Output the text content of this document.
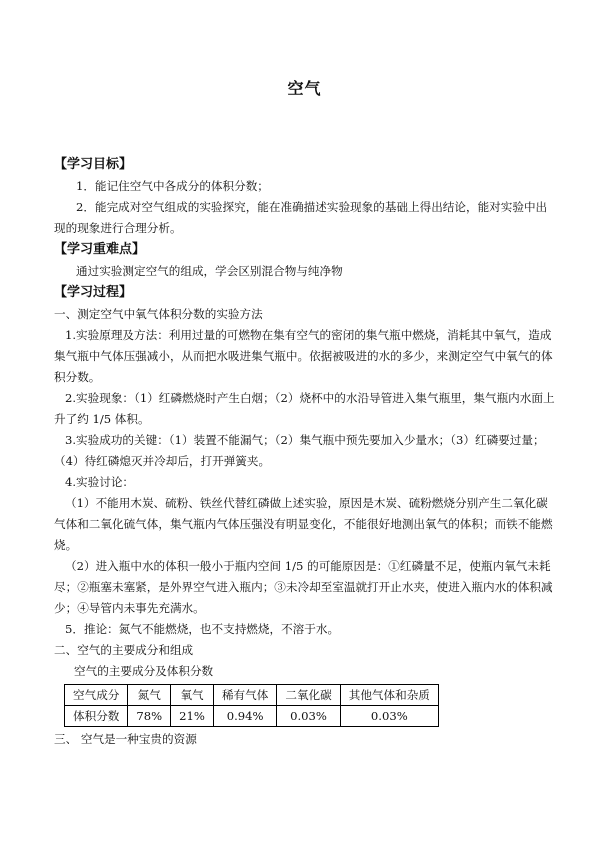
空气
【学习目标】

1．能记住空气中各成分的体积分数；

2．能完成对空气组成的实验探究，能在准确描述实验现象的基础上得出结论，能对实验中出现的现象进行合理分析。

【学习重难点】

通过实验测定空气的组成，学会区别混合物与纯净物

【学习过程】

一、测定空气中氧气体积分数的实验方法

1.实验原理及方法：利用过量的可燃物在集有空气的密闭的集气瓶中燃烧，消耗其中氧气，造成集气瓶中气体压强减小，从而把水吸进集气瓶中。依据被吸进的水的多少，来测定空气中氧气的体积分数。

2.实验现象：（1）红磷燃烧时产生白烟；（2）烧杯中的水沿导管进入集气瓶里，集气瓶内水面上升了约 1/5 体积。

3.实验成功的关键：（1）装置不能漏气；（2）集气瓶中预先要加入少量水；（3）红磷要过量；（4）待红磷熄灭并冷却后，打开弹簧夹。

4.实验讨论：

（1）不能用木炭、硫粉、铁丝代替红磷做上述实验，原因是木炭、硫粉燃烧分别产生二氧化碳气体和二氧化硫气体，集气瓶内气体压强没有明显变化，不能很好地测出氧气的体积；而铁不能燃烧。

（2）进入瓶中水的体积一般小于瓶内空间 1/5 的可能原因是：①红磷量不足，使瓶内氧气未耗尽；②瓶塞未塞紧，是外界空气进入瓶内；③未冷却至室温就打开止水夹，使进入瓶内水的体积减少；④导管内未事先充满水。

5．推论：氮气不能燃烧，也不支持燃烧，不溶于水。

二、空气的主要成分和组成

空气的主要成分及体积分数

空气成分	氮气	氧气	稀有气体	二氧化碳	其他气体和杂质
体积分数	78%	21%	0.94%	0.03%	0.03%

三、 空气是一种宝贵的资源
